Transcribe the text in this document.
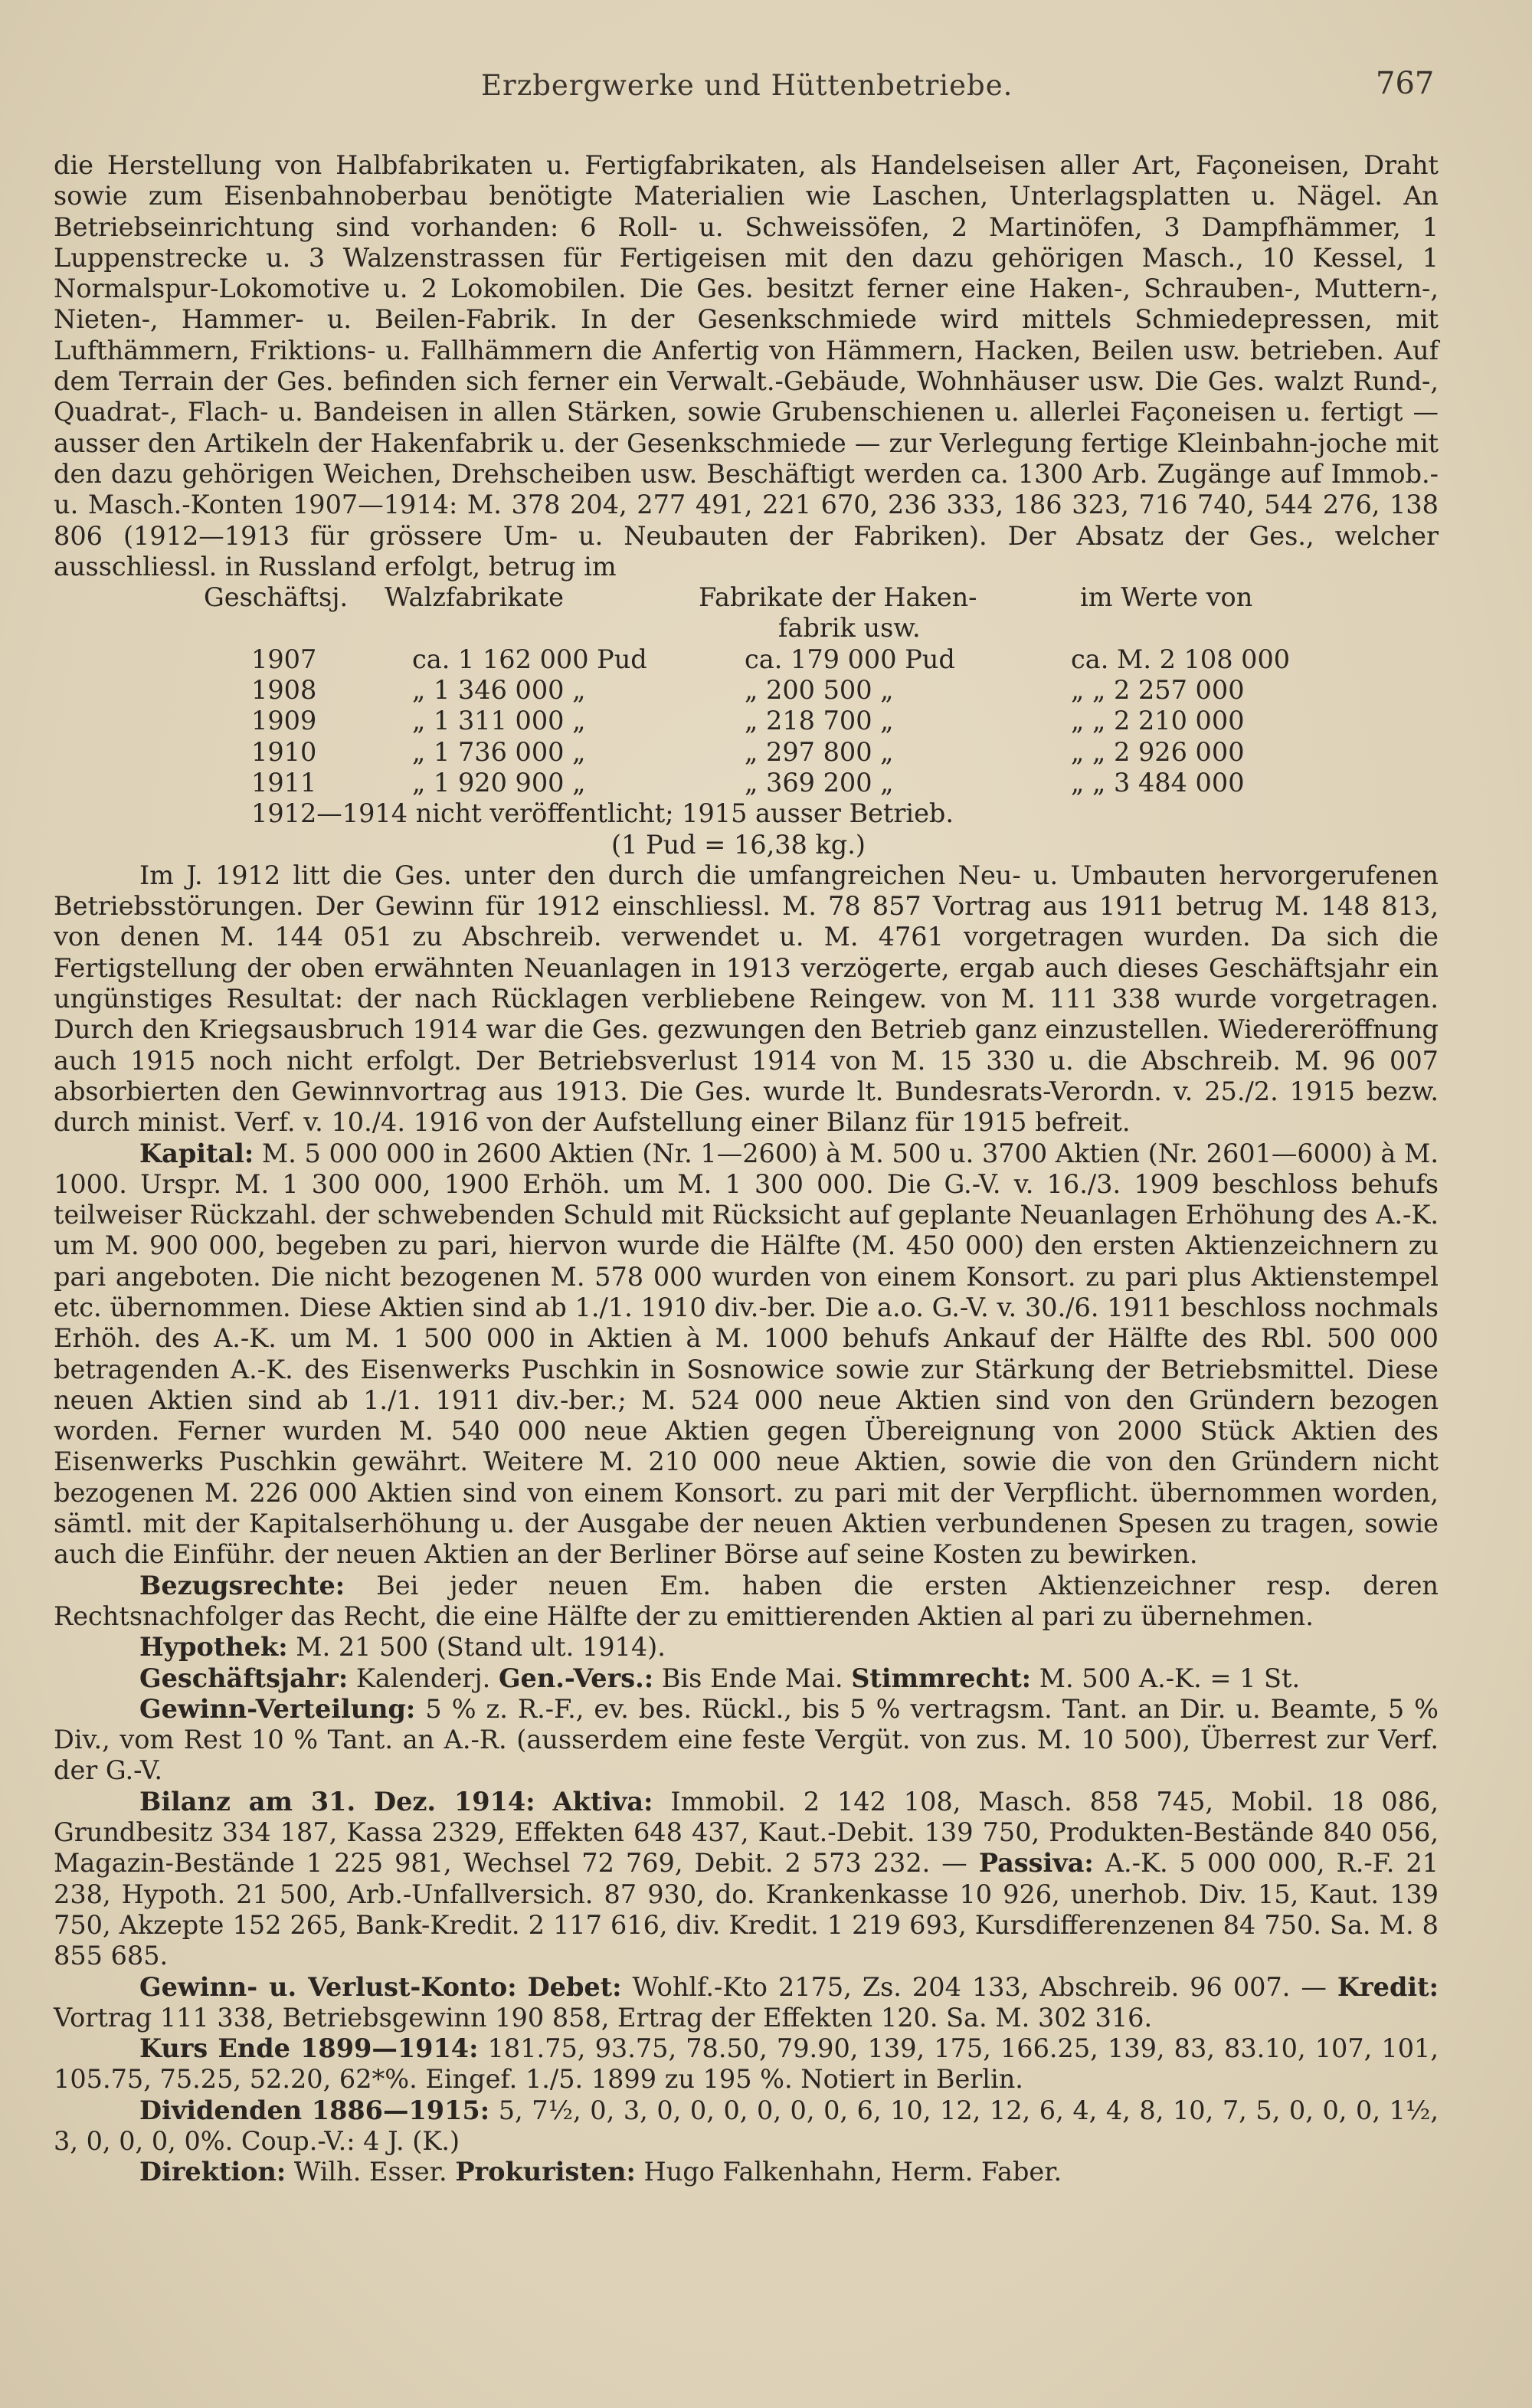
Erzbergwerke und Hüttenbetriebe.	767

die Herstellung von Halbfabrikaten u. Fertigfabrikaten, als Handelseisen aller Art, Façoneisen, Draht sowie zum Eisenbahnoberbau benötigte Materialien wie Laschen, Unterlagsplatten u. Nägel. An Betriebseinrichtung sind vorhanden: 6 Roll- u. Schweissöfen, 2 Martinöfen, 3 Dampfhämmer, 1 Luppenstrecke u. 3 Walzenstrassen für Fertigeisen mit den dazu gehörigen Masch., 10 Kessel, 1 Normalspur-Lokomotive u. 2 Lokomobilen. Die Ges. besitzt ferner eine Haken-, Schrauben-, Muttern-, Nieten-, Hammer- u. Beilen-Fabrik. In der Gesenkschmiede wird mittels Schmiedepressen, mit Lufthämmern, Friktions- u. Fallhämmern die Anfertig von Hämmern, Hacken, Beilen usw. betrieben. Auf dem Terrain der Ges. befinden sich ferner ein Verwalt.-Gebäude, Wohnhäuser usw. Die Ges. walzt Rund-, Quadrat-, Flach- u. Bandeisen in allen Stärken, sowie Grubenschienen u. allerlei Façoneisen u. fertigt — ausser den Artikeln der Hakenfabrik u. der Gesenkschmiede — zur Verlegung fertige Kleinbahn-joche mit den dazu gehörigen Weichen, Drehscheiben usw. Beschäftigt werden ca. 1300 Arb. Zugänge auf Immob.- u. Masch.-Konten 1907—1914: M. 378 204, 277 491, 221 670, 236 333, 186 323, 716 740, 544 276, 138 806 (1912—1913 für grössere Um- u. Neubauten der Fabriken). Der Absatz der Ges., welcher ausschliessl. in Russland erfolgt, betrug im

Geschäftsj. Walzfabrikate	Fabrikate der Haken-	im Werte von
fabrik usw.
1907	ca. 1 162 000 Pud	ca. 179 000 Pud	ca. M. 2 108 000
1908	„ 1 346 000 „	„ 200 500 „	„ „ 2 257 000
1909	„ 1 311 000 „	„ 218 700 „	„ „ 2 210 000
1910	„ 1 736 000 „	„ 297 800 „	„ „ 2 926 000
1911	„ 1 920 900 „	„ 369 200 „	„ „ 3 484 000
1912—1914 nicht veröffentlicht; 1915 ausser Betrieb.
(1 Pud = 16,38 kg.)

Im J. 1912 litt die Ges. unter den durch die umfangreichen Neu- u. Umbauten hervorgerufenen Betriebsstörungen. Der Gewinn für 1912 einschliessl. M. 78 857 Vortrag aus 1911 betrug M. 148 813, von denen M. 144 051 zu Abschreib. verwendet u. M. 4761 vorgetragen wurden. Da sich die Fertigstellung der oben erwähnten Neuanlagen in 1913 verzögerte, ergab auch dieses Geschäftsjahr ein ungünstiges Resultat: der nach Rücklagen verbliebene Reingew. von M. 111 338 wurde vorgetragen. Durch den Kriegsausbruch 1914 war die Ges. gezwungen den Betrieb ganz einzustellen. Wiedereröffnung auch 1915 noch nicht erfolgt. Der Betriebsverlust 1914 von M. 15 330 u. die Abschreib. M. 96 007 absorbierten den Gewinnvortrag aus 1913. Die Ges. wurde lt. Bundesrats-Verordn. v. 25./2. 1915 bezw. durch minist. Verf. v. 10./4. 1916 von der Aufstellung einer Bilanz für 1915 befreit.

Kapital: M. 5 000 000 in 2600 Aktien (Nr. 1—2600) à M. 500 u. 3700 Aktien (Nr. 2601—6000) à M. 1000. Urspr. M. 1 300 000, 1900 Erhöh. um M. 1 300 000. Die G.-V. v. 16./3. 1909 beschloss behufs teilweiser Rückzahl. der schwebenden Schuld mit Rücksicht auf geplante Neuanlagen Erhöhung des A.-K. um M. 900 000, begeben zu pari, hiervon wurde die Hälfte (M. 450 000) den ersten Aktienzeichnern zu pari angeboten. Die nicht bezogenen M. 578 000 wurden von einem Konsort. zu pari plus Aktienstempel etc. übernommen. Diese Aktien sind ab 1./1. 1910 div.-ber. Die a.o. G.-V. v. 30./6. 1911 beschloss nochmals Erhöh. des A.-K. um M. 1 500 000 in Aktien à M. 1000 behufs Ankauf der Hälfte des Rbl. 500 000 betragenden A.-K. des Eisenwerks Puschkin in Sosnowice sowie zur Stärkung der Betriebsmittel. Diese neuen Aktien sind ab 1./1. 1911 div.-ber.; M. 524 000 neue Aktien sind von den Gründern bezogen worden. Ferner wurden M. 540 000 neue Aktien gegen Übereignung von 2000 Stück Aktien des Eisenwerks Puschkin gewährt. Weitere M. 210 000 neue Aktien, sowie die von den Gründern nicht bezogenen M. 226 000 Aktien sind von einem Konsort. zu pari mit der Verpflicht. übernommen worden, sämtl. mit der Kapitalserhöhung u. der Ausgabe der neuen Aktien verbundenen Spesen zu tragen, sowie auch die Einführ. der neuen Aktien an der Berliner Börse auf seine Kosten zu bewirken.

Bezugsrechte: Bei jeder neuen Em. haben die ersten Aktienzeichner resp. deren Rechtsnachfolger das Recht, die eine Hälfte der zu emittierenden Aktien al pari zu übernehmen.

Hypothek: M. 21 500 (Stand ult. 1914).

Geschäftsjahr: Kalenderj. Gen.-Vers.: Bis Ende Mai. Stimmrecht: M. 500 A.-K. = 1 St.

Gewinn-Verteilung: 5 % z. R.-F., ev. bes. Rückl., bis 5 % vertragsm. Tant. an Dir. u. Beamte, 5 % Div., vom Rest 10 % Tant. an A.-R. (ausserdem eine feste Vergüt. von zus. M. 10 500), Überrest zur Verf. der G.-V.

Bilanz am 31. Dez. 1914: Aktiva: Immobil. 2 142 108, Masch. 858 745, Mobil. 18 086, Grundbesitz 334 187, Kassa 2329, Effekten 648 437, Kaut.-Debit. 139 750, Produkten-Bestände 840 056, Magazin-Bestände 1 225 981, Wechsel 72 769, Debit. 2 573 232. — Passiva: A.-K. 5 000 000, R.-F. 21 238, Hypoth. 21 500, Arb.-Unfallversich. 87 930, do. Krankenkasse 10 926, unerhob. Div. 15, Kaut. 139 750, Akzepte 152 265, Bank-Kredit. 2 117 616, div. Kredit. 1 219 693, Kursdifferenzenen 84 750. Sa. M. 8 855 685.

Gewinn- u. Verlust-Konto: Debet: Wohlf.-Kto 2175, Zs. 204 133, Abschreib. 96 007. — Kredit: Vortrag 111 338, Betriebsgewinn 190 858, Ertrag der Effekten 120. Sa. M. 302 316.

Kurs Ende 1899—1914: 181.75, 93.75, 78.50, 79.90, 139, 175, 166.25, 139, 83, 83.10, 107, 101, 105.75, 75.25, 52.20, 62*%. Eingef. 1./5. 1899 zu 195 %. Notiert in Berlin.

Dividenden 1886—1915: 5, 7½, 0, 3, 0, 0, 0, 0, 0, 0, 6, 10, 12, 12, 6, 4, 4, 8, 10, 7, 5, 0, 0, 0, 1½, 3, 0, 0, 0, 0%. Coup.-V.: 4 J. (K.)

Direktion: Wilh. Esser. Prokuristen: Hugo Falkenhahn, Herm. Faber.
